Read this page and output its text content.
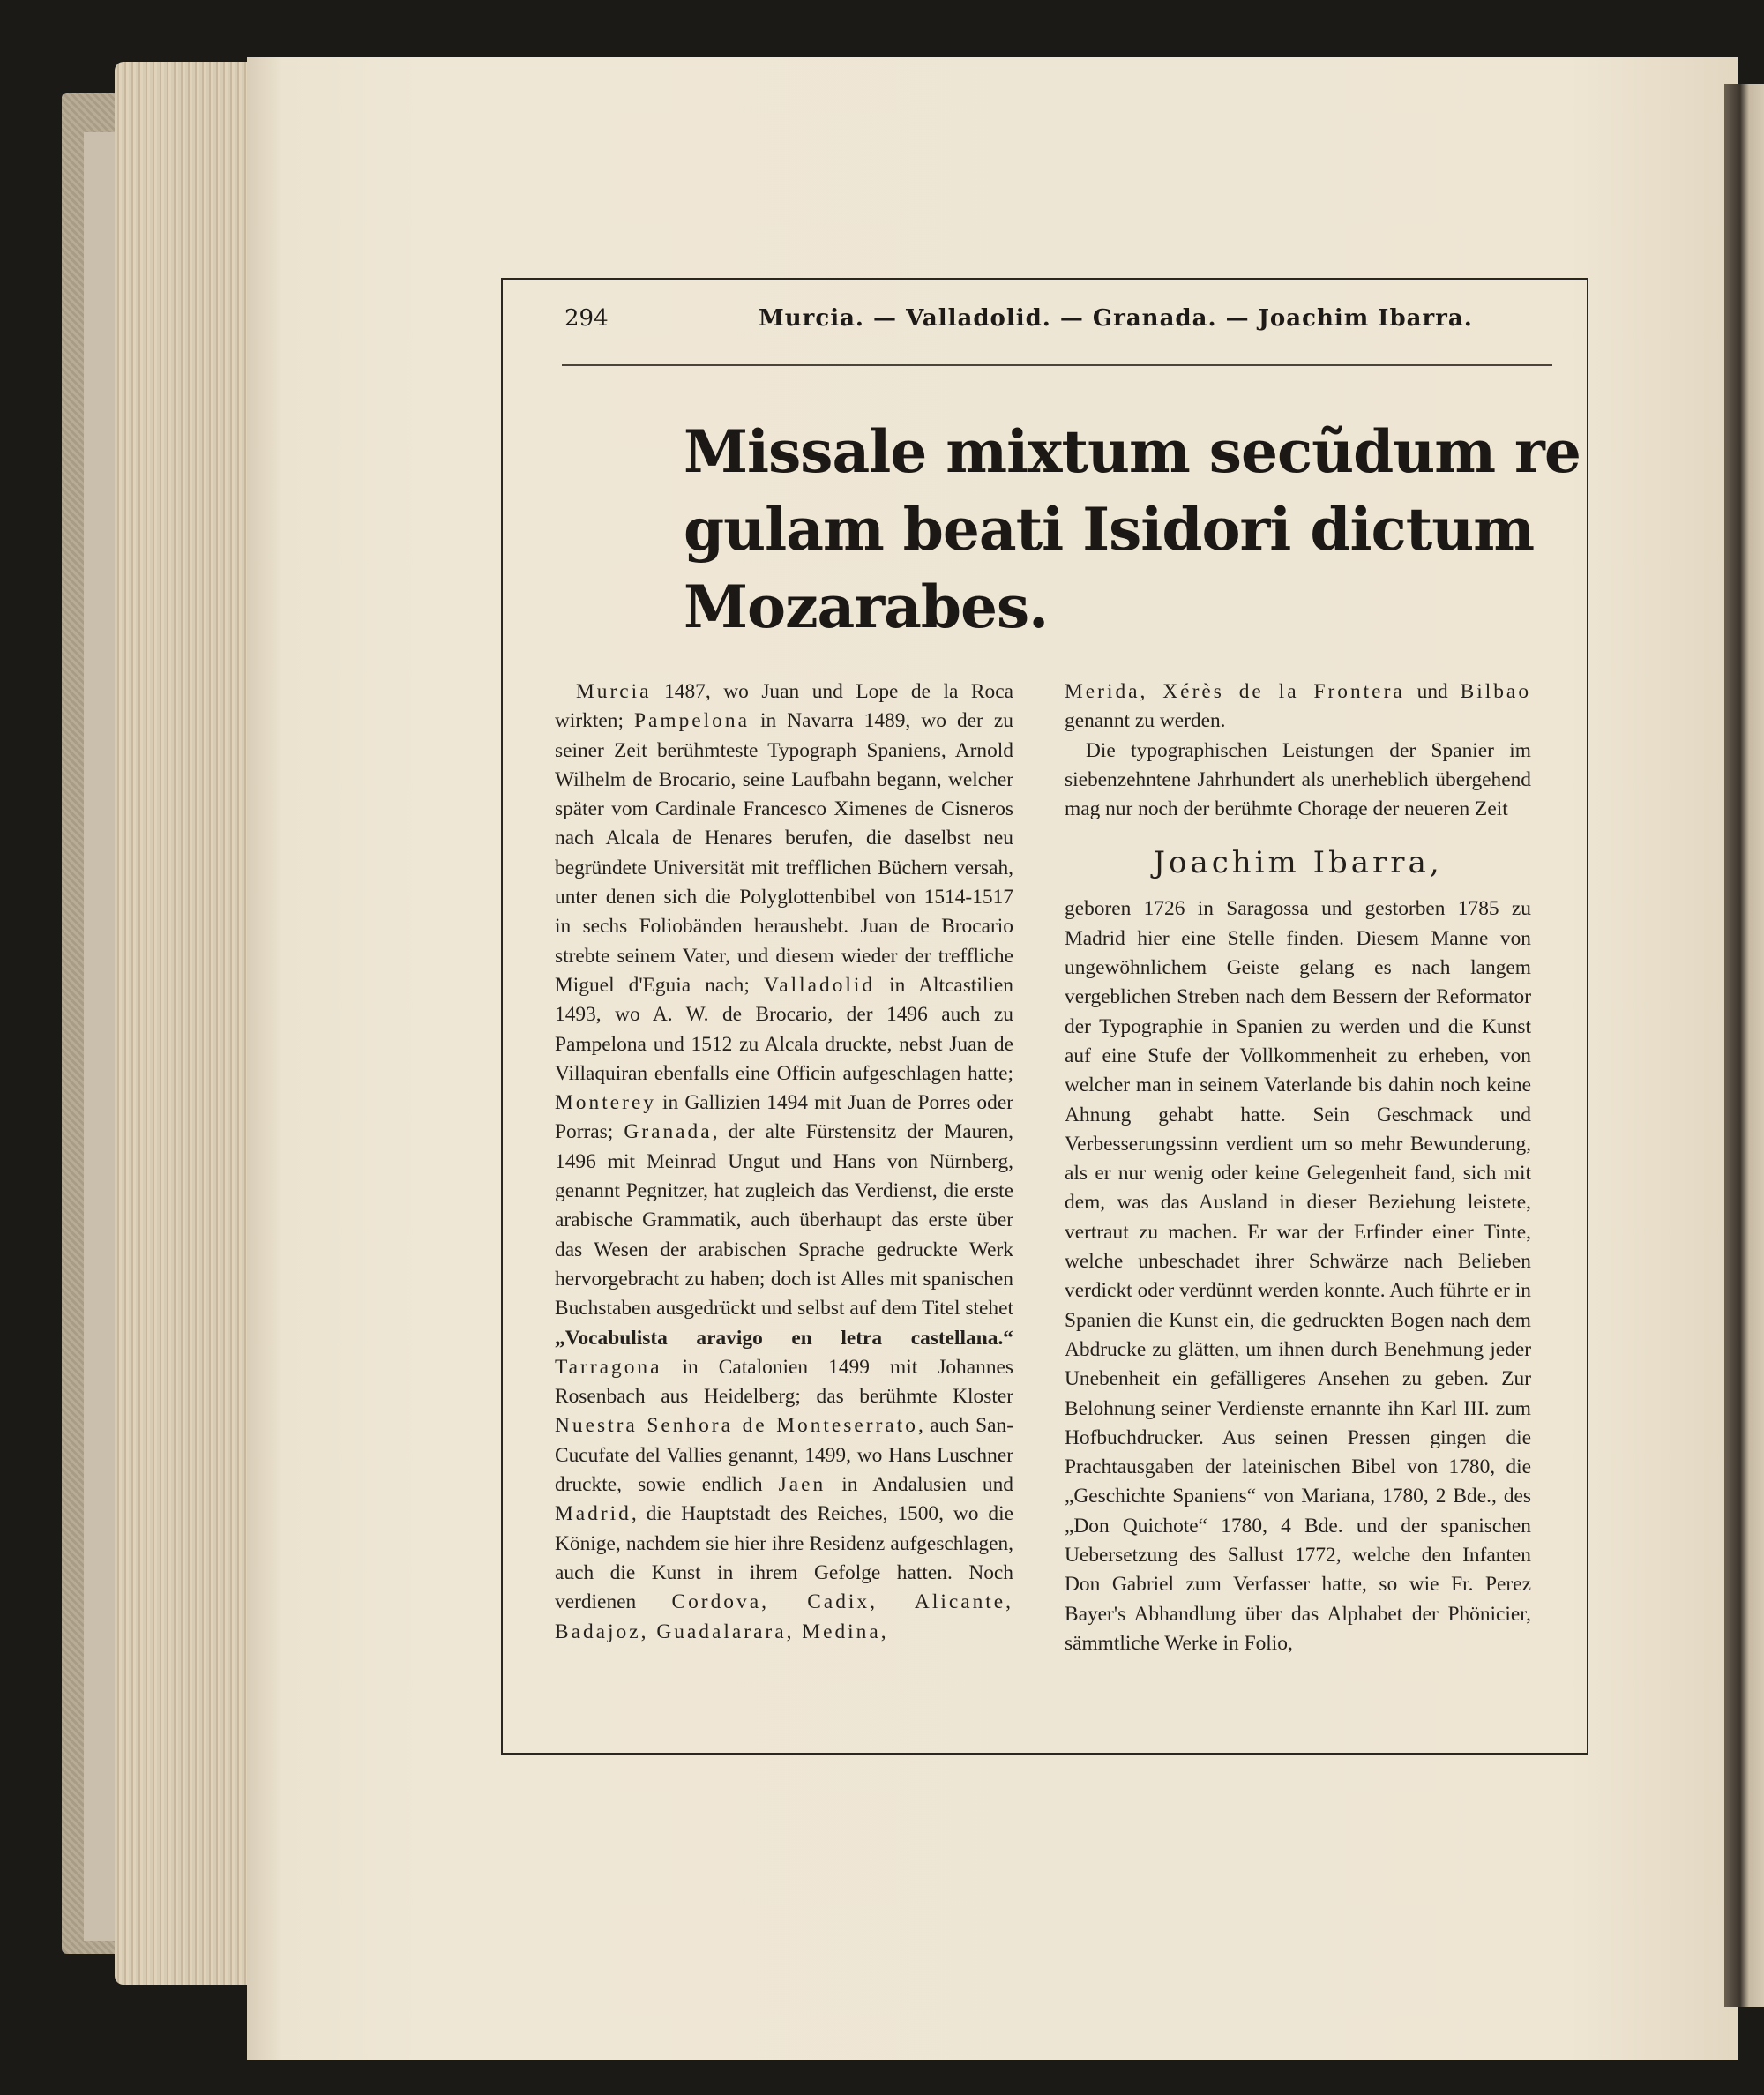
294	Murcia. — Valladolid. — Granada. — Joachim Ibarra.
Missale mixtum secũdum re
gulam beati Isidori dictum
Mozarabes.

Murcia 1487, wo Juan und Lope de la Roca wirkten; Pampelona in Navarra 1489, wo der zu seiner Zeit berühmteste Typograph Spaniens, Arnold Wilhelm de Brocario, seine Laufbahn begann, welcher später vom Cardinale Francesco Ximenes de Cisneros nach Alcala de Henares berufen, die daselbst neu begründete Universität mit trefflichen Büchern versah, unter denen sich die Polyglottenbibel von 1514-1517 in sechs Foliobänden heraushebt. Juan de Brocario strebte seinem Vater, und diesem wieder der treffliche Miguel d'Eguia nach; Valladolid in Altcastilien 1493, wo A. W. de Brocario, der 1496 auch zu Pampelona und 1512 zu Alcala druckte, nebst Juan de Villaquiran ebenfalls eine Officin aufgeschlagen hatte; Monterey in Gallizien 1494 mit Juan de Porres oder Porras; Granada, der alte Fürstensitz der Mauren, 1496 mit Meinrad Ungut und Hans von Nürnberg, genannt Pegnitzer, hat zugleich das Verdienst, die erste arabische Grammatik, auch überhaupt das erste über das Wesen der arabischen Sprache gedruckte Werk hervorgebracht zu haben; doch ist Alles mit spanischen Buchstaben ausgedrückt und selbst auf dem Titel stehet „Vocabulista aravigo en letra castellana.“ Tarragona in Catalonien 1499 mit Johannes Rosenbach aus Heidelberg; das berühmte Kloster Nuestra Senhora de Monteserrato, auch San-Cucufate del Vallies genannt, 1499, wo Hans Luschner druckte, sowie endlich Jaen in Andalusien und Madrid, die Hauptstadt des Reiches, 1500, wo die Könige, nachdem sie hier ihre Residenz aufgeschlagen, auch die Kunst in ihrem Gefolge hatten. Noch verdienen Cordova, Cadix, Alicante, Badajoz, Guadalarara, Medina,

Merida, Xérès de la Frontera und Bilbao genannt zu werden.

Die typographischen Leistungen der Spanier im siebenzehntene Jahrhundert als unerheblich übergehend mag nur noch der berühmte Chorage der neueren Zeit

Joachim Ibarra,

geboren 1726 in Saragossa und gestorben 1785 zu Madrid hier eine Stelle finden. Diesem Manne von ungewöhnlichem Geiste gelang es nach langem vergeblichen Streben nach dem Bessern der Reformator der Typographie in Spanien zu werden und die Kunst auf eine Stufe der Vollkommenheit zu erheben, von welcher man in seinem Vaterlande bis dahin noch keine Ahnung gehabt hatte. Sein Geschmack und Verbesserungssinn verdient um so mehr Bewunderung, als er nur wenig oder keine Gelegenheit fand, sich mit dem, was das Ausland in dieser Beziehung leistete, vertraut zu machen. Er war der Erfinder einer Tinte, welche unbeschadet ihrer Schwärze nach Belieben verdickt oder verdünnt werden konnte. Auch führte er in Spanien die Kunst ein, die gedruckten Bogen nach dem Abdrucke zu glätten, um ihnen durch Benehmung jeder Unebenheit ein gefälligeres Ansehen zu geben. Zur Belohnung seiner Verdienste ernannte ihn Karl III. zum Hofbuchdrucker. Aus seinen Pressen gingen die Prachtausgaben der lateinischen Bibel von 1780, die „Geschichte Spaniens“ von Mariana, 1780, 2 Bde., des „Don Quichote“ 1780, 4 Bde. und der spanischen Uebersetzung des Sallust 1772, welche den Infanten Don Gabriel zum Verfasser hatte, so wie Fr. Perez Bayer's Abhandlung über das Alphabet der Phönicier, sämmtliche Werke in Folio,
